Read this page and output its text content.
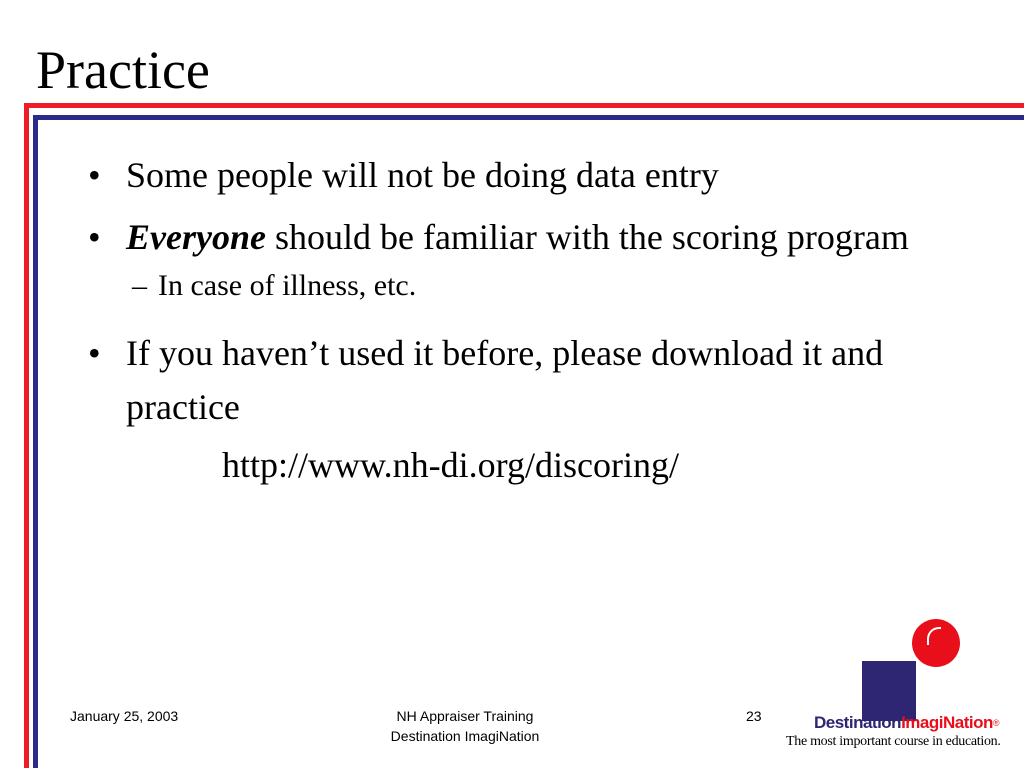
Practice
• Some people will not be doing data entry
• Everyone should be familiar with the scoring program
– In case of illness, etc.
• If you haven’t used it before, please download it and practice
http://www.nh-di.org/discoring/
January 25, 2003	NH Appraiser Training
Destination ImagiNation
23	DestinationImagiNation®
The most important course in education.
